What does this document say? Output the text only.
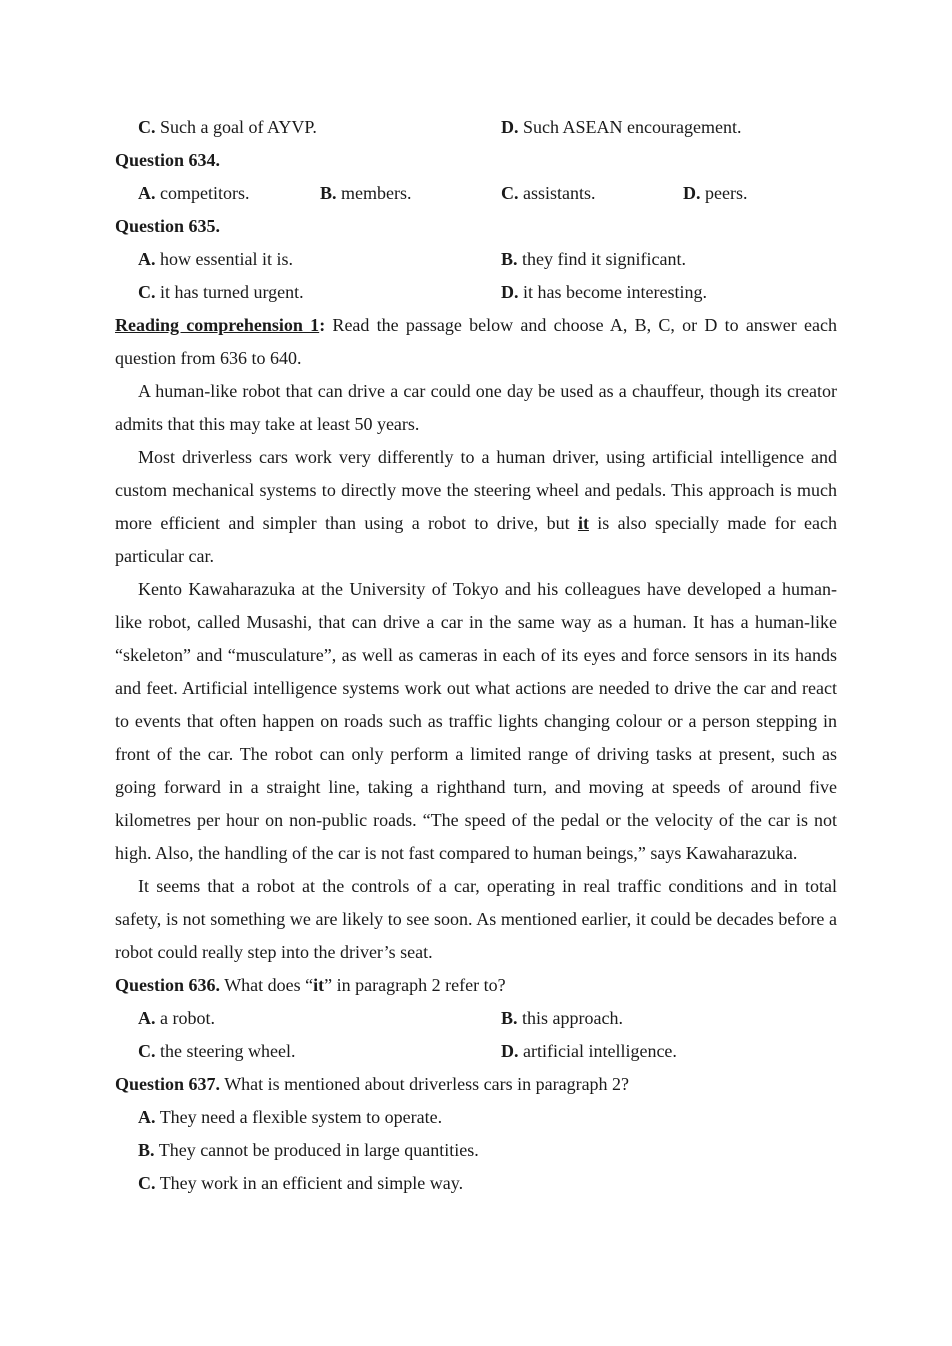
C. Such a goal of AYVP.	D. Such ASEAN encouragement.
Question 634.
A. competitors.	B. members.	C. assistants.	D. peers.
Question 635.
A. how essential it is.	B. they find it significant.
C. it has turned urgent.	D. it has become interesting.

Reading comprehension 1: Read the passage below and choose A, B, C, or D to answer each question from 636 to 640.

A human-like robot that can drive a car could one day be used as a chauffeur, though its creator admits that this may take at least 50 years.

Most driverless cars work very differently to a human driver, using artificial intelligence and custom mechanical systems to directly move the steering wheel and pedals. This approach is much more efficient and simpler than using a robot to drive, but it is also specially made for each particular car.

Kento Kawaharazuka at the University of Tokyo and his colleagues have developed a human-like robot, called Musashi, that can drive a car in the same way as a human. It has a human-like “skeleton” and “musculature”, as well as cameras in each of its eyes and force sensors in its hands and feet. Artificial intelligence systems work out what actions are needed to drive the car and react to events that often happen on roads such as traffic lights changing colour or a person stepping in front of the car. The robot can only perform a limited range of driving tasks at present, such as going forward in a straight line, taking a righthand turn, and moving at speeds of around five kilometres per hour on non-public roads. “The speed of the pedal or the velocity of the car is not high. Also, the handling of the car is not fast compared to human beings,” says Kawaharazuka.

It seems that a robot at the controls of a car, operating in real traffic conditions and in total safety, is not something we are likely to see soon. As mentioned earlier, it could be decades before a robot could really step into the driver’s seat.

Question 636. What does “it” in paragraph 2 refer to?
A. a robot.	B. this approach.
C. the steering wheel.	D. artificial intelligence.
Question 637. What is mentioned about driverless cars in paragraph 2?
A. They need a flexible system to operate.
B. They cannot be produced in large quantities.
C. They work in an efficient and simple way.
